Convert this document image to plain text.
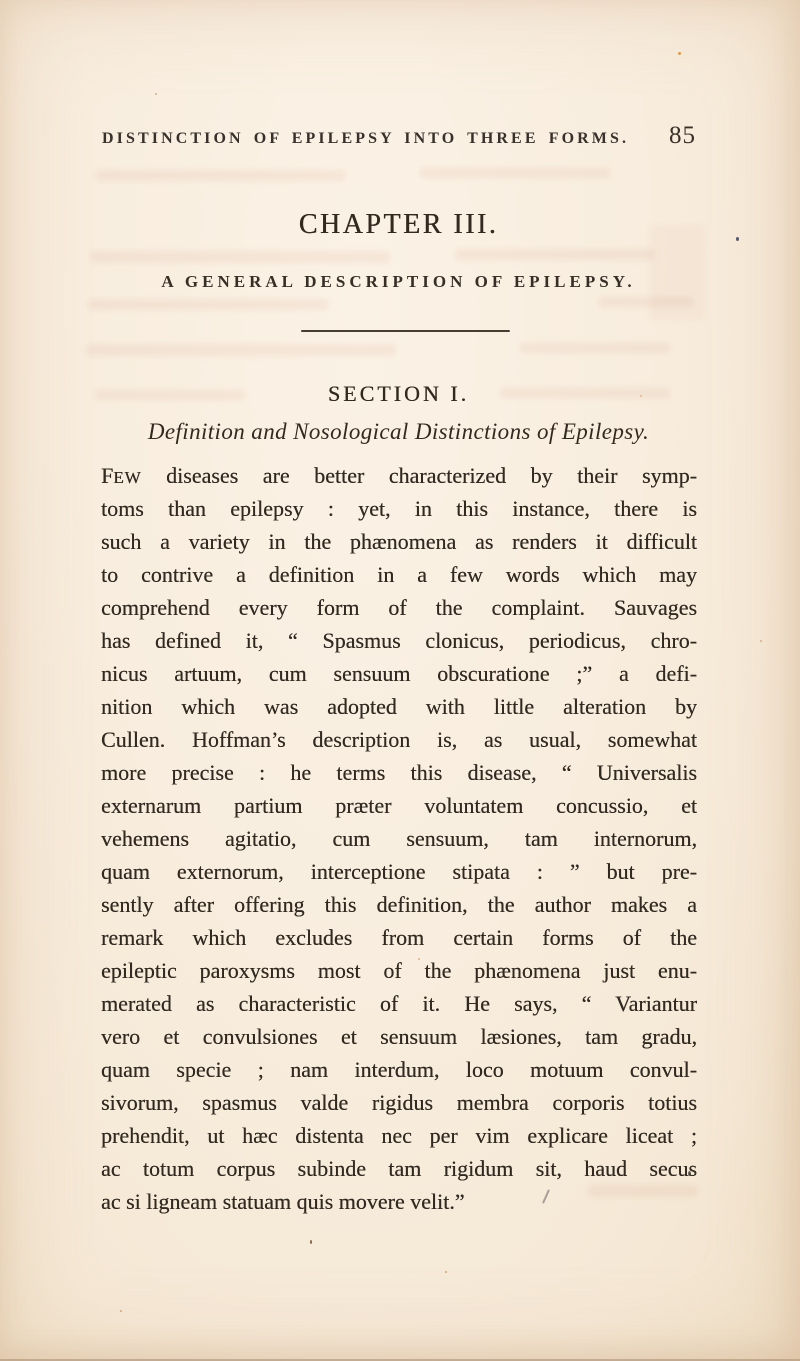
DISTINCTION OF EPILEPSY INTO THREE FORMS. 85
CHAPTER III.
A GENERAL DESCRIPTION OF EPILEPSY.
SECTION I.

Definition and Nosological Distinctions of Epilepsy.

FEW diseases are better characterized by their symp-
toms than epilepsy : yet, in this instance, there is
such a variety in the phænomena as renders it difficult
to contrive a definition in a few words which may
comprehend every form of the complaint. Sauvages
has defined it, “ Spasmus clonicus, periodicus, chro-
nicus artuum, cum sensuum obscuratione ;” a defi-
nition which was adopted with little alteration by
Cullen. Hoffman’s description is, as usual, somewhat
more precise : he terms this disease, “ Universalis
externarum partium præter voluntatem concussio, et
vehemens agitatio, cum sensuum, tam internorum,
quam externorum, interceptione stipata : ” but pre-
sently after offering this definition, the author makes a
remark which excludes from certain forms of the
epileptic paroxysms most of the phænomena just enu-
merated as characteristic of it. He says, “ Variantur
vero et convulsiones et sensuum læsiones, tam gradu,
quam specie ; nam interdum, loco motuum convul-
sivorum, spasmus valde rigidus membra corporis totius
prehendit, ut hæc distenta nec per vim explicare liceat ;
ac totum corpus subinde tam rigidum sit, haud secus
ac si ligneam statuam quis movere velit.”
